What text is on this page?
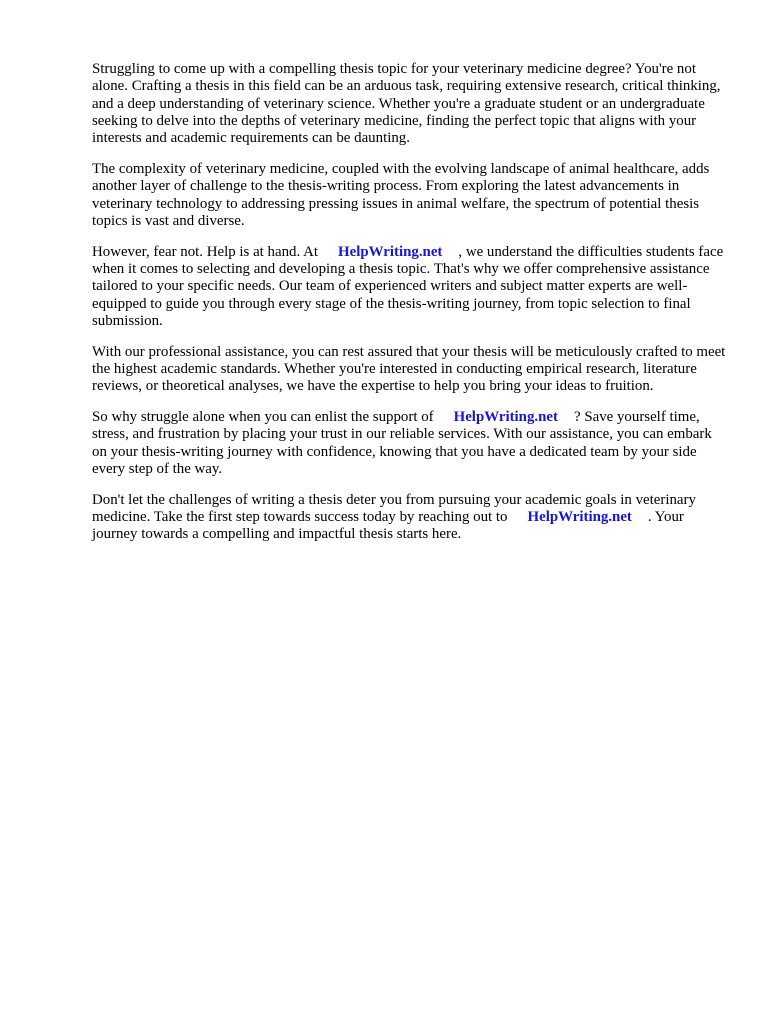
Struggling to come up with a compelling thesis topic for your veterinary medicine degree? You're not alone. Crafting a thesis in this field can be an arduous task, requiring extensive research, critical thinking, and a deep understanding of veterinary science. Whether you're a graduate student or an undergraduate seeking to delve into the depths of veterinary medicine, finding the perfect topic that aligns with your interests and academic requirements can be daunting.

The complexity of veterinary medicine, coupled with the evolving landscape of animal healthcare, adds another layer of challenge to the thesis-writing process. From exploring the latest advancements in veterinary technology to addressing pressing issues in animal welfare, the spectrum of potential thesis topics is vast and diverse.

However, fear not. Help is at hand. At HelpWriting.net , we understand the difficulties students face when it comes to selecting and developing a thesis topic. That's why we offer comprehensive assistance tailored to your specific needs. Our team of experienced writers and subject matter experts are well-equipped to guide you through every stage of the thesis-writing journey, from topic selection to final submission.

With our professional assistance, you can rest assured that your thesis will be meticulously crafted to meet the highest academic standards. Whether you're interested in conducting empirical research, literature reviews, or theoretical analyses, we have the expertise to help you bring your ideas to fruition.

So why struggle alone when you can enlist the support of HelpWriting.net ? Save yourself time, stress, and frustration by placing your trust in our reliable services. With our assistance, you can embark on your thesis-writing journey with confidence, knowing that you have a dedicated team by your side every step of the way.

Don't let the challenges of writing a thesis deter you from pursuing your academic goals in veterinary medicine. Take the first step towards success today by reaching out to HelpWriting.net . Your journey towards a compelling and impactful thesis starts here.
